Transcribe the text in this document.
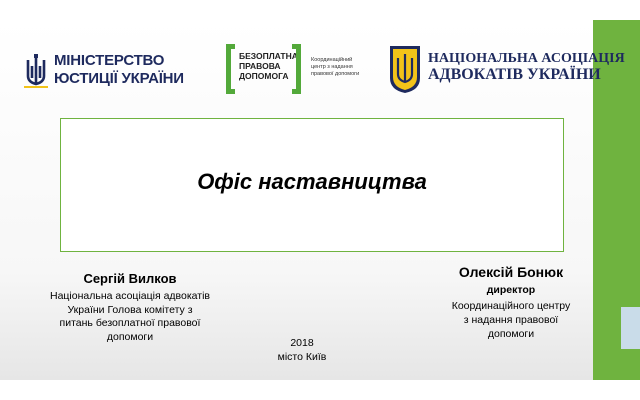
МІНІСТЕРСТВО
ЮСТИЦІЇ УКРАЇНИ
БЕЗОПЛАТНА
ПРАВОВА
ДОПОМОГА
Координаційний
центр з надання
правової допомоги
НАЦІОНАЛЬНА АСОЦІАЦІЯ
АДВОКАТІВ УКРАЇНИ
Офіс наставництва
Сергій Вилков
Національна асоціація адвокатів
України Голова комітету з
питань безоплатної правової
допомоги
Олексій Бонюк
директор
Координаційного центру
з надання правової
допомоги
2018
місто Київ
